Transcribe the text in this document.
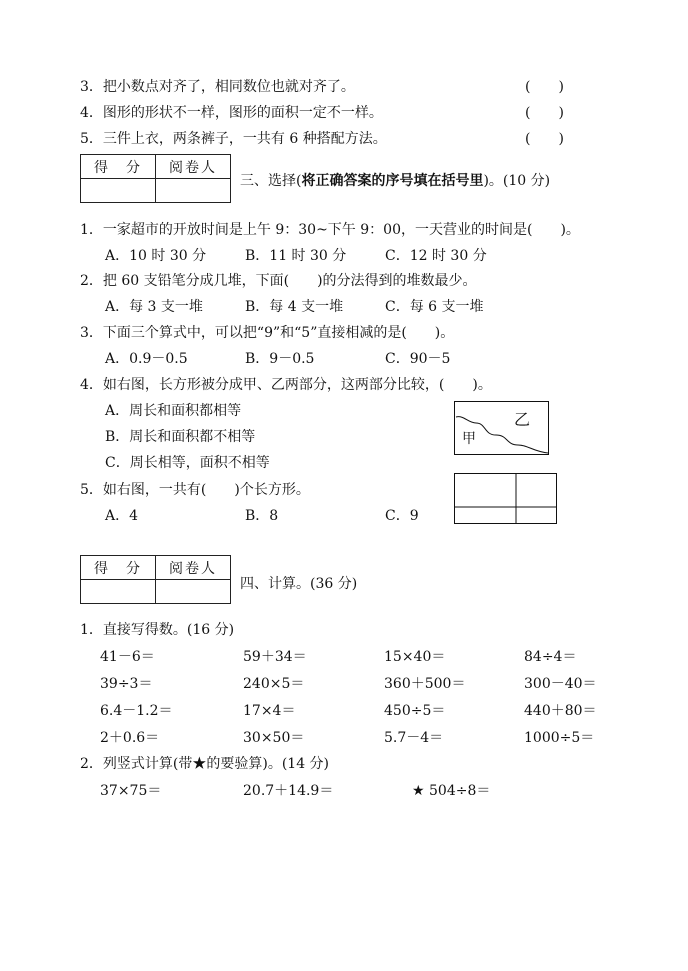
3．把小数点对齐了，相同数位也就对齐了。	(　　)
4．图形的形状不一样，图形的面积一定不一样。	(　　)
5．三件上衣，两条裤子，一共有 6 种搭配方法。	(　　)
得　分	阅卷人

三、选择(将正确答案的序号填在括号里)。(10 分)
1．一家超市的开放时间是上午 9：30~下午 9：00，一天营业的时间是(　　)。
A．10 时 30 分	B．11 时 30 分	C．12 时 30 分
2．把 60 支铅笔分成几堆，下面(　　)的分法得到的堆数最少。
A．每 3 支一堆	B．每 4 支一堆	C．每 6 支一堆
3．下面三个算式中，可以把“9”和“5”直接相减的是(　　)。
A．0.9－0.5	B．9－0.5	C．90－5
4．如右图，长方形被分成甲、乙两部分，这两部分比较，(　　)。
A．周长和面积都相等
B．周长和面积都不相等
C．周长相等，面积不相等
甲
乙
5．如右图，一共有(　　)个长方形。
A．4	B．8	C．9
得　分	阅卷人

四、计算。(36 分)
1．直接写得数。(16 分)
41－6＝	59＋34＝	15×40＝	84÷4＝
39÷3＝	240×5＝	360＋500＝	300－40＝
6.4－1.2＝	17×4＝	450÷5＝	440＋80＝
2＋0.6＝	30×50＝	5.7－4＝	1000÷5＝
2．列竖式计算(带★的要验算)。(14 分)
37×75＝	20.7＋14.9＝	★ 504÷8＝
